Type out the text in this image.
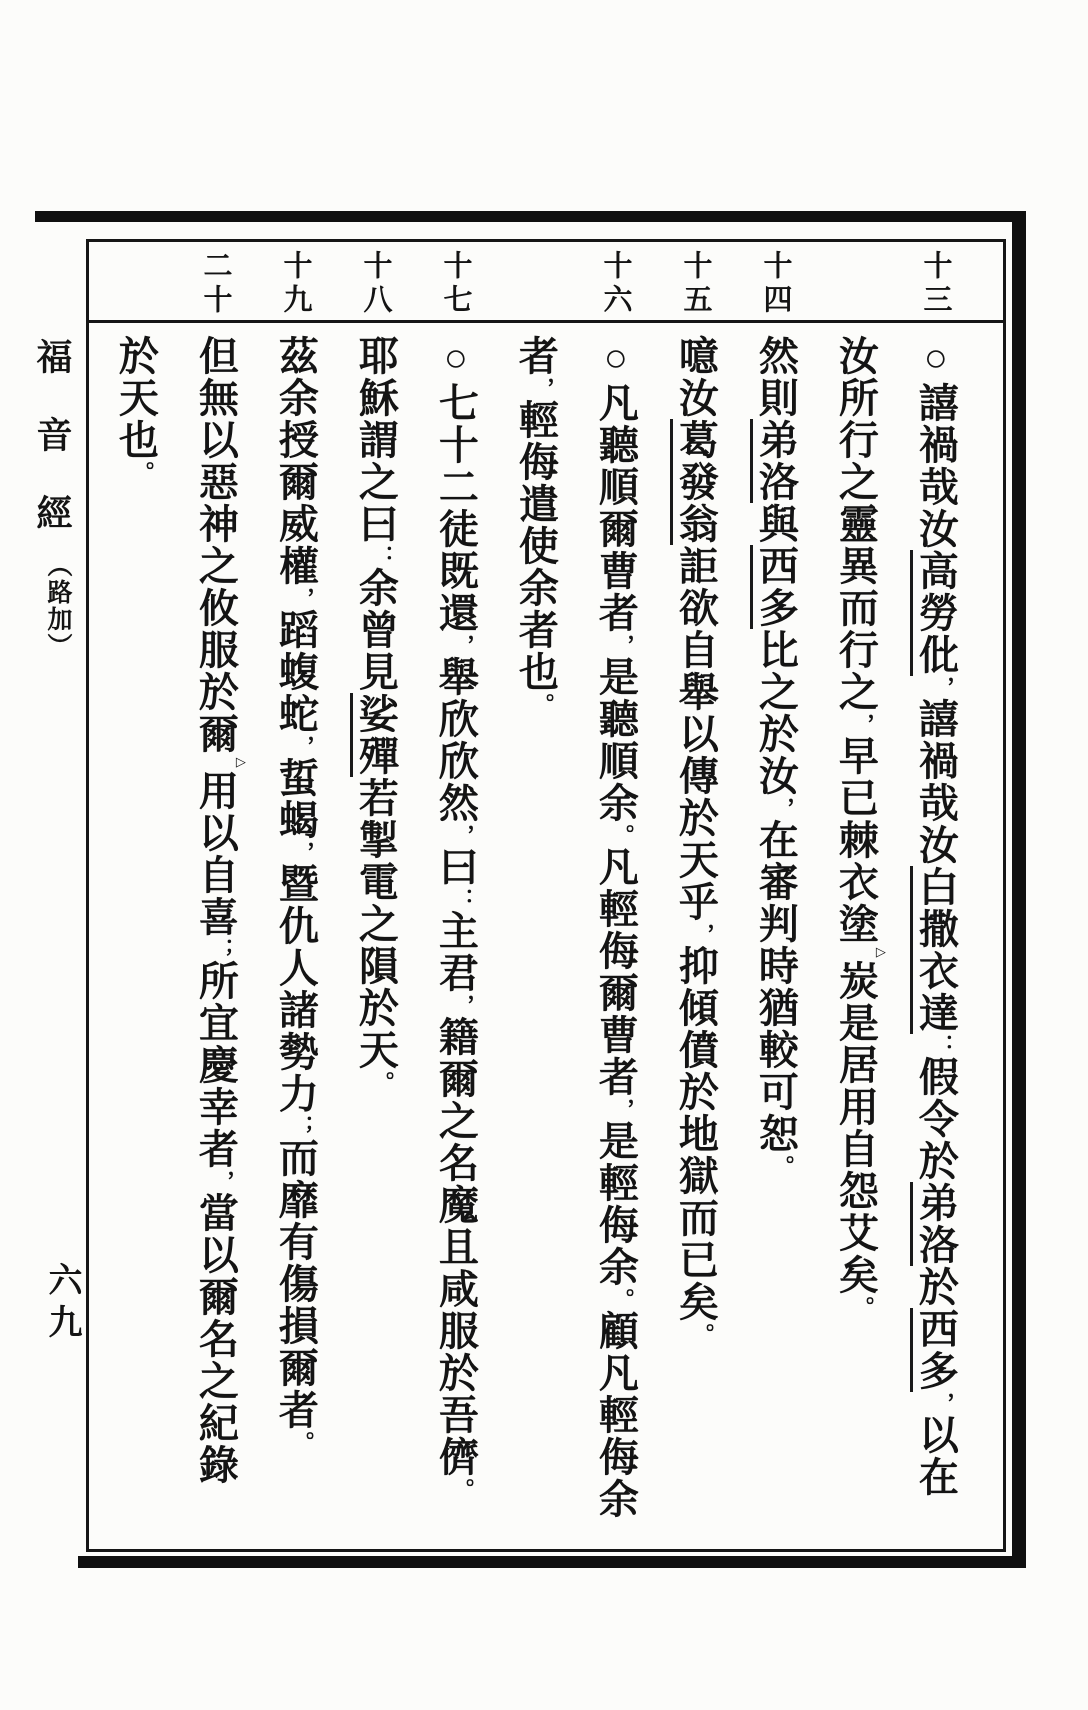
福音經
︵路加︶
六九
十三
十四
十五
十六
十七
十八
十九
二十
○譆禍哉汝高勞仳，譆禍哉汝白撒衣達：假令於弟洛於西多，以在
汝所行之靈異而行之，早已棘衣塗▷炭是居用自怨艾矣。
然則弟洛與西多比之於汝，在審判時猶較可恕。
噫汝葛發翁詎欲自舉以傳於天乎，抑傾僨於地獄而已矣。
○凡聽順爾曹者，是聽順余。凡輕侮爾曹者，是輕侮余。顧凡輕侮余
者，輕侮遣使余者也。
○七十二徒既還，舉欣欣然，曰：主君，籍爾之名魔且咸服於吾儕。
耶穌謂之曰：余曾見娑殫若掣電之隕於天。
茲余授爾威權，蹈蝮蛇，蜇蝎，暨仇人諸勢力；而靡有傷損爾者。
但無以惡神之攸服於爾▷用以自喜；所宜慶幸者，當以爾名之紀錄
於天也。
